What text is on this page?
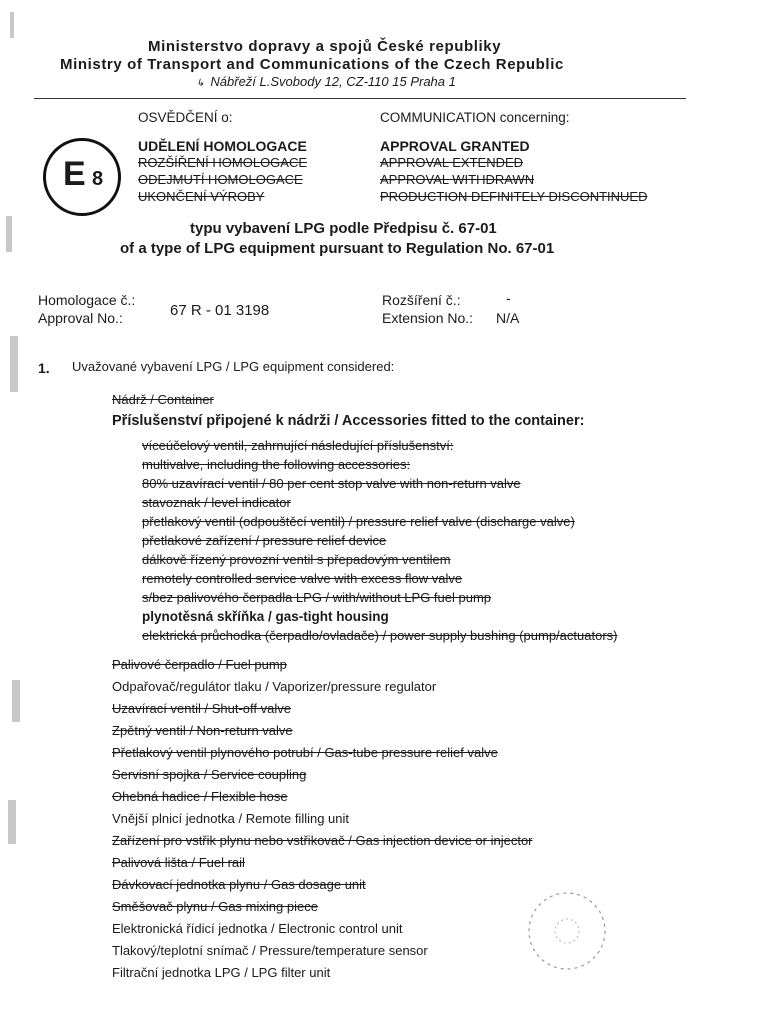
Ministerstvo dopravy a spojů České republiky
Ministry of Transport and Communications of the Czech Republic
↳ Nábřeží L.Svobody 12, CZ-110 15 Praha 1
E 8
OSVĚDČENÍ o:	COMMUNICATION concerning:
UDĚLENÍ HOMOLOGACE
ROZŠÍŘENÍ HOMOLOGACE
ODEJMUTÍ HOMOLOGACE
UKONČENÍ VÝROBY
APPROVAL GRANTED
APPROVAL EXTENDED
APPROVAL WITHDRAWN
PRODUCTION DEFINITELY DISCONTINUED
typu vybavení LPG podle Předpisu č. 67-01
of a type of LPG equipment pursuant to Regulation No. 67-01
Homologace č.:
Approval No.:	67 R - 01 3198
Rozšíření č.:
Extension No.:
-
N/A
1. Uvažované vybavení LPG / LPG equipment considered:
Nádrž / Container
Příslušenství připojené k nádrži / Accessories fitted to the container:
víceúčelový ventil, zahrnující následující příslušenství:
multivalve, including the following accessories:
80% uzavírací ventil / 80 per cent stop valve with non-return valve
stavoznak / level indicator
přetlakový ventil (odpouštěcí ventil) / pressure relief valve (discharge valve)
přetlakové zařízení / pressure relief device
dálkově řízený provozní ventil s přepadovým ventilem
remotely controlled service valve with excess flow valve
s/bez palivového čerpadla LPG / with/without LPG fuel pump
plynotěsná skříňka / gas-tight housing
elektrická průchodka (čerpadlo/ovladače) / power supply bushing (pump/actuators)
Palivové čerpadlo / Fuel pump
Odpařovač/regulátor tlaku / Vaporizer/pressure regulator
Uzavírací ventil / Shut-off valve
Zpětný ventil / Non-return valve
Přetlakový ventil plynového potrubí / Gas-tube pressure relief valve
Servisní spojka / Service coupling
Ohebná hadice / Flexible hose
Vnější plnicí jednotka / Remote filling unit
Zařízení pro vstřik plynu nebo vstřikovač / Gas injection device or injector
Palivová lišta / Fuel rail
Dávkovací jednotka plynu / Gas dosage unit
Směšovač plynu / Gas mixing piece
Elektronická řídicí jednotka / Electronic control unit
Tlakový/teplotní snímač / Pressure/temperature sensor
Filtrační jednotka LPG / LPG filter unit
